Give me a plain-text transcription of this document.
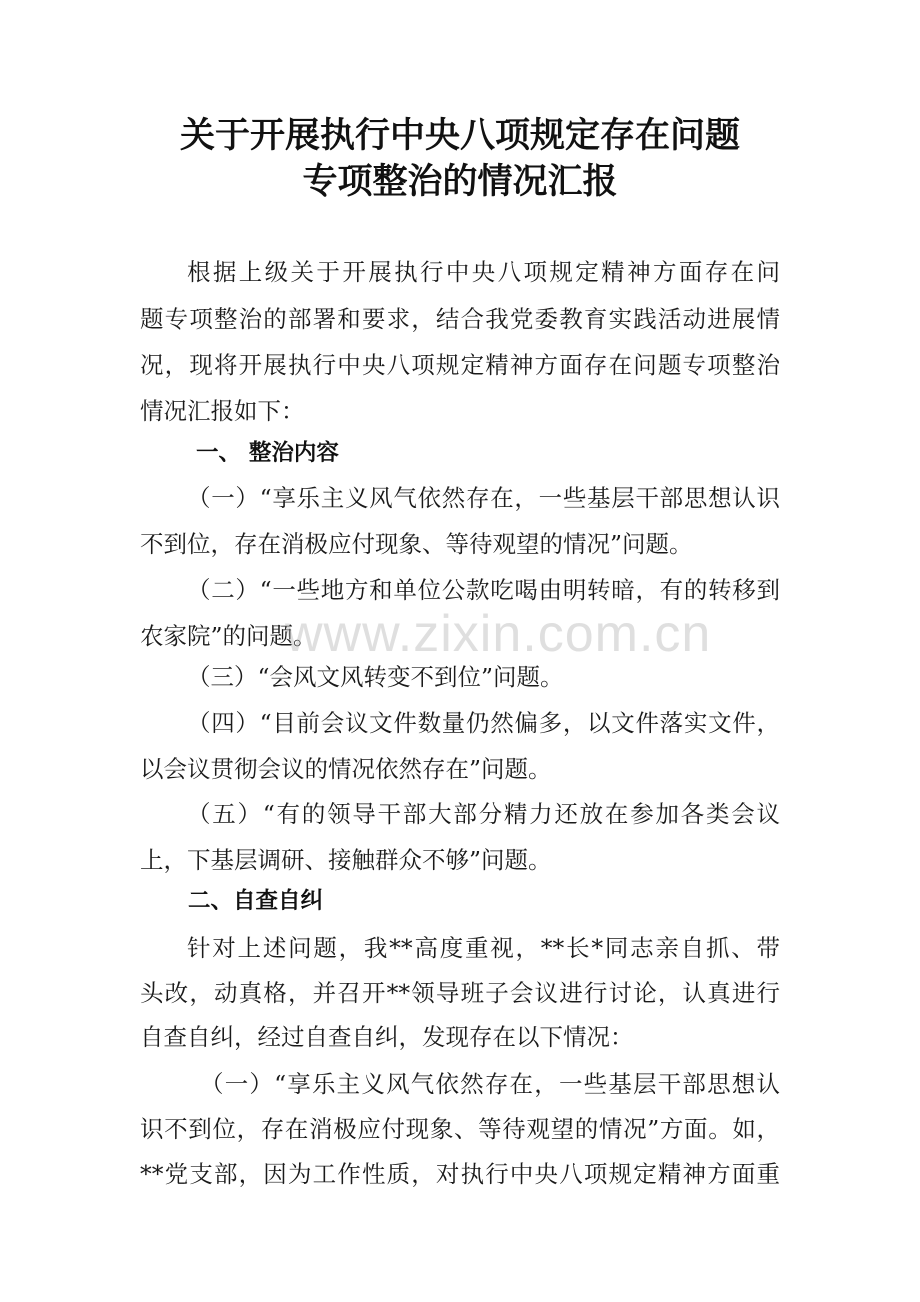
关于开展执行中央八项规定存在问题
专项整治的情况汇报
根据上级关于开展执行中央八项规定精神方面存在问
题专项整治的部署和要求，结合我党委教育实践活动进展情
况，现将开展执行中央八项规定精神方面存在问题专项整治
情况汇报如下：
一、 整治内容
（一）“享乐主义风气依然存在，一些基层干部思想认识
不到位，存在消极应付现象、等待观望的情况”问题。
（二）“一些地方和单位公款吃喝由明转暗，有的转移到
农家院”的问题。
（三）“会风文风转变不到位”问题。
（四）“目前会议文件数量仍然偏多，以文件落实文件，
以会议贯彻会议的情况依然存在”问题。
（五）“有的领导干部大部分精力还放在参加各类会议
上，下基层调研、接触群众不够”问题。
二、自查自纠
针对上述问题，我**高度重视，**长*同志亲自抓、带
头改，动真格，并召开**领导班子会议进行讨论，认真进行
自查自纠，经过自查自纠，发现存在以下情况：
（一）“享乐主义风气依然存在，一些基层干部思想认
识不到位，存在消极应付现象、等待观望的情况”方面。如，
**党支部，因为工作性质，对执行中央八项规定精神方面重
www.zixin.com.cn
